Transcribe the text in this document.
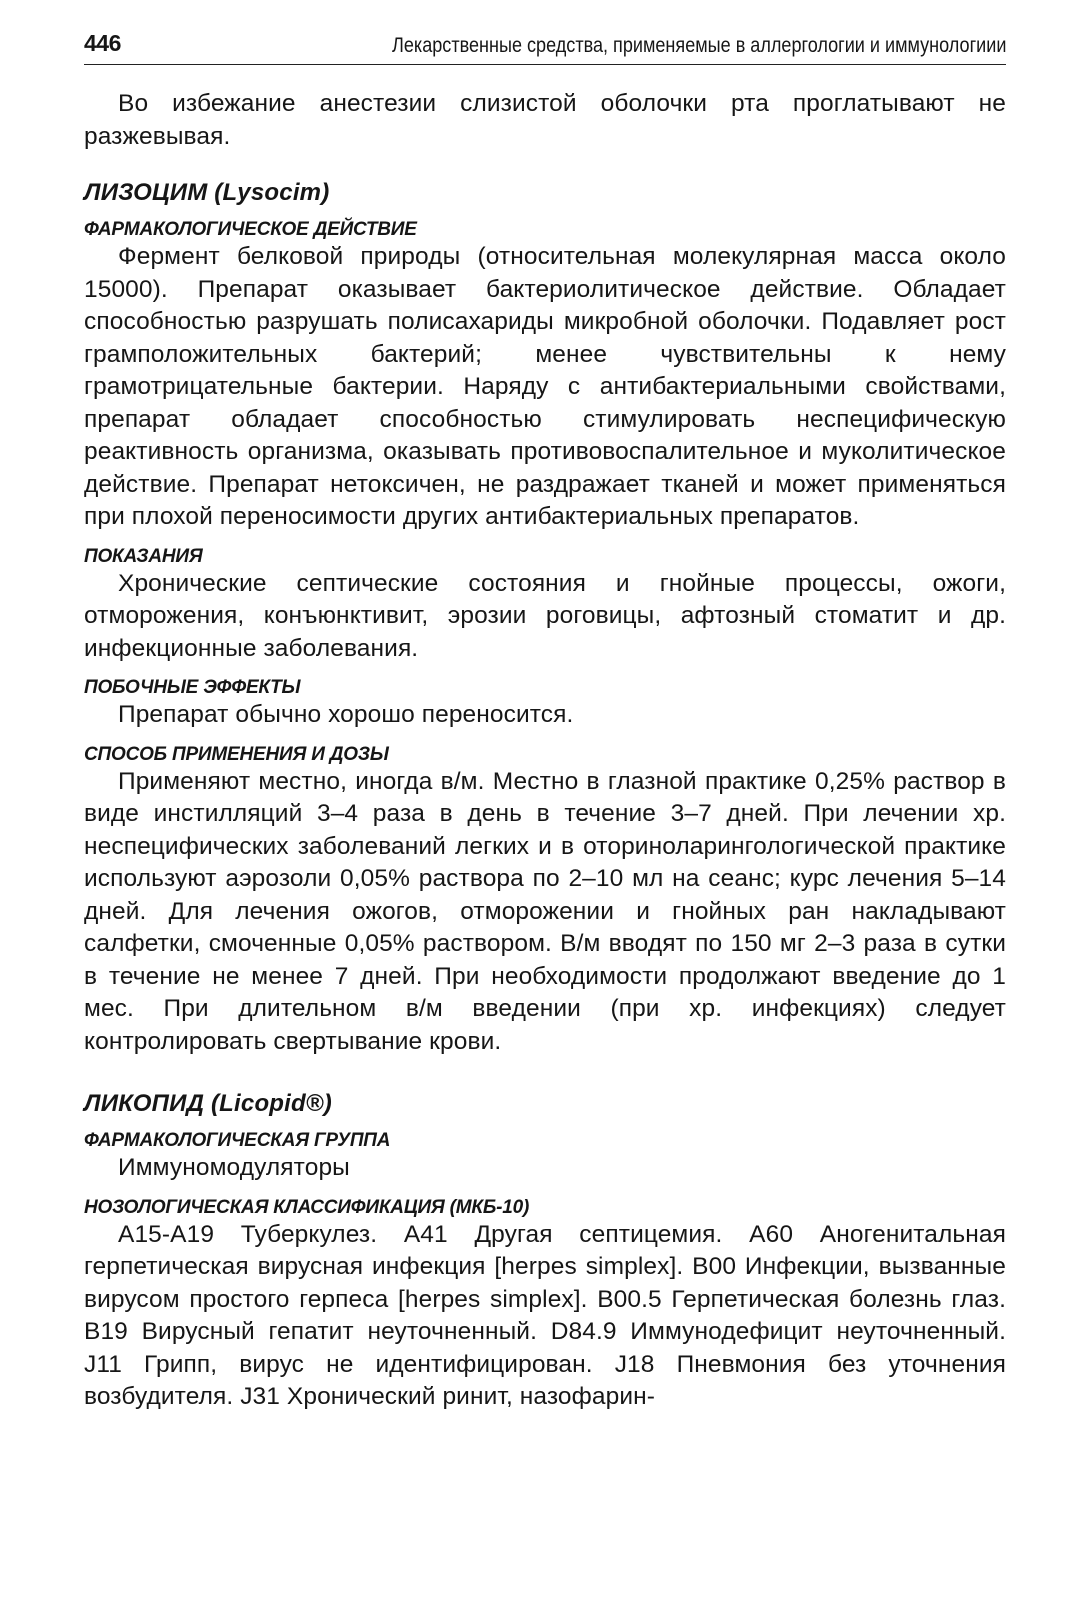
446	Лекарственные средства, применяемые в аллергологии и иммунологиии

Во избежание анестезии слизистой оболочки рта проглатывают не разжевывая.

ЛИЗОЦИМ (Lysocim)
ФАРМАКОЛОГИЧЕСКОЕ ДЕЙСТВИЕ

Фермент белковой природы (относительная молекулярная масса около 15000). Препарат оказывает бактериолитическое действие. Обладает способностью разрушать полисахариды микробной оболочки. Подавляет рост грамположительных бактерий; менее чувствительны к нему грамотрицательные бактерии. Наряду с антибактериальными свойствами, препарат обладает способностью стимулировать неспецифическую реактивность организма, оказывать противовоспалительное и муколитическое действие. Препарат нетоксичен, не раздражает тканей и может применяться при плохой переносимости других антибактериальных препаратов.

ПОКАЗАНИЯ

Хронические септические состояния и гнойные процессы, ожоги, отморожения, конъюнктивит, эрозии роговицы, афтозный стоматит и др. инфекционные заболевания.

ПОБОЧНЫЕ ЭФФЕКТЫ

Препарат обычно хорошо переносится.

СПОСОБ ПРИМЕНЕНИЯ И ДОЗЫ

Применяют местно, иногда в/м. Местно в глазной практике 0,25% раствор в виде инстилляций 3–4 раза в день в течение 3–7 дней. При лечении хр. неспецифических заболеваний легких и в оториноларингологической практике используют аэрозоли 0,05% раствора по 2–10 мл на сеанс; курс лечения 5–14 дней. Для лечения ожогов, отморожении и гнойных ран накладывают салфетки, смоченные 0,05% раствором. В/м вводят по 150 мг 2–3 раза в сутки в течение не менее 7 дней. При необходимости продолжают введение до 1 мес. При длительном в/м введении (при хр. инфекциях) следует контролировать свертывание крови.

ЛИКОПИД (Licopid®)
ФАРМАКОЛОГИЧЕСКАЯ ГРУППА

Иммуномодуляторы

НОЗОЛОГИЧЕСКАЯ КЛАССИФИКАЦИЯ (МКБ-10)

A15-A19 Туберкулез. A41 Другая септицемия. A60 Аногенитальная герпетическая вирусная инфекция [herpes simplex]. B00 Инфекции, вызванные вирусом простого герпеса [herpes simplex]. B00.5 Герпетическая болезнь глаз. B19 Вирусный гепатит неуточненный. D84.9 Иммунодефицит неуточненный. J11 Грипп, вирус не идентифицирован. J18 Пневмония без уточнения возбудителя. J31 Хронический ринит, назофарин-
